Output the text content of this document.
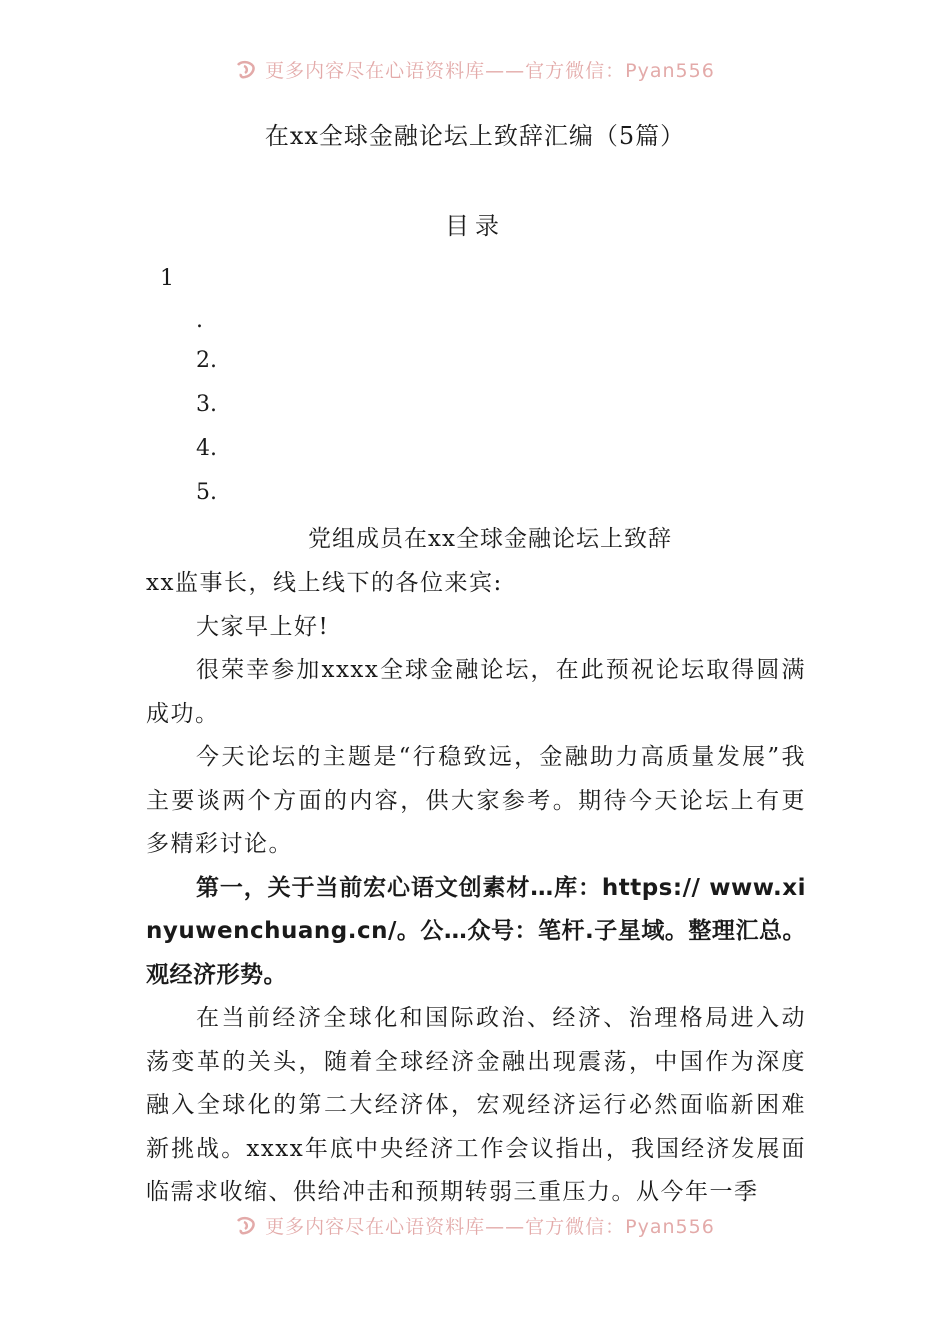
更多内容尽在心语资料库——官方微信：Pyan556
在xx全球金融论坛上致辞汇编（5篇）
目录
1
.
2.
3.
4.
5.
党组成员在xx全球金融论坛上致辞

xx监事长，线上线下的各位来宾:

大家早上好!

很荣幸参加xxxx全球金融论坛，在此预祝论坛取得圆满成功。

今天论坛的主题是“行稳致远，金融助力高质量发展”我主要谈两个方面的内容，供大家参考。期待今天论坛上有更多精彩讨论。

第一，关于当前宏心语文创素材…库：https:// www.xinyuwenchuang.cn/。公…众号：笔杆.子星域。整理汇总。观经济形势。

在当前经济全球化和国际政治、经济、治理格局进入动荡变革的关头，随着全球经济金融出现震荡，中国作为深度融入全球化的第二大经济体，宏观经济运行必然面临新困难新挑战。xxxx年底中央经济工作会议指出，我国经济发展面临需求收缩、供给冲击和预期转弱三重压力。从今年一季

更多内容尽在心语资料库——官方微信：Pyan556
